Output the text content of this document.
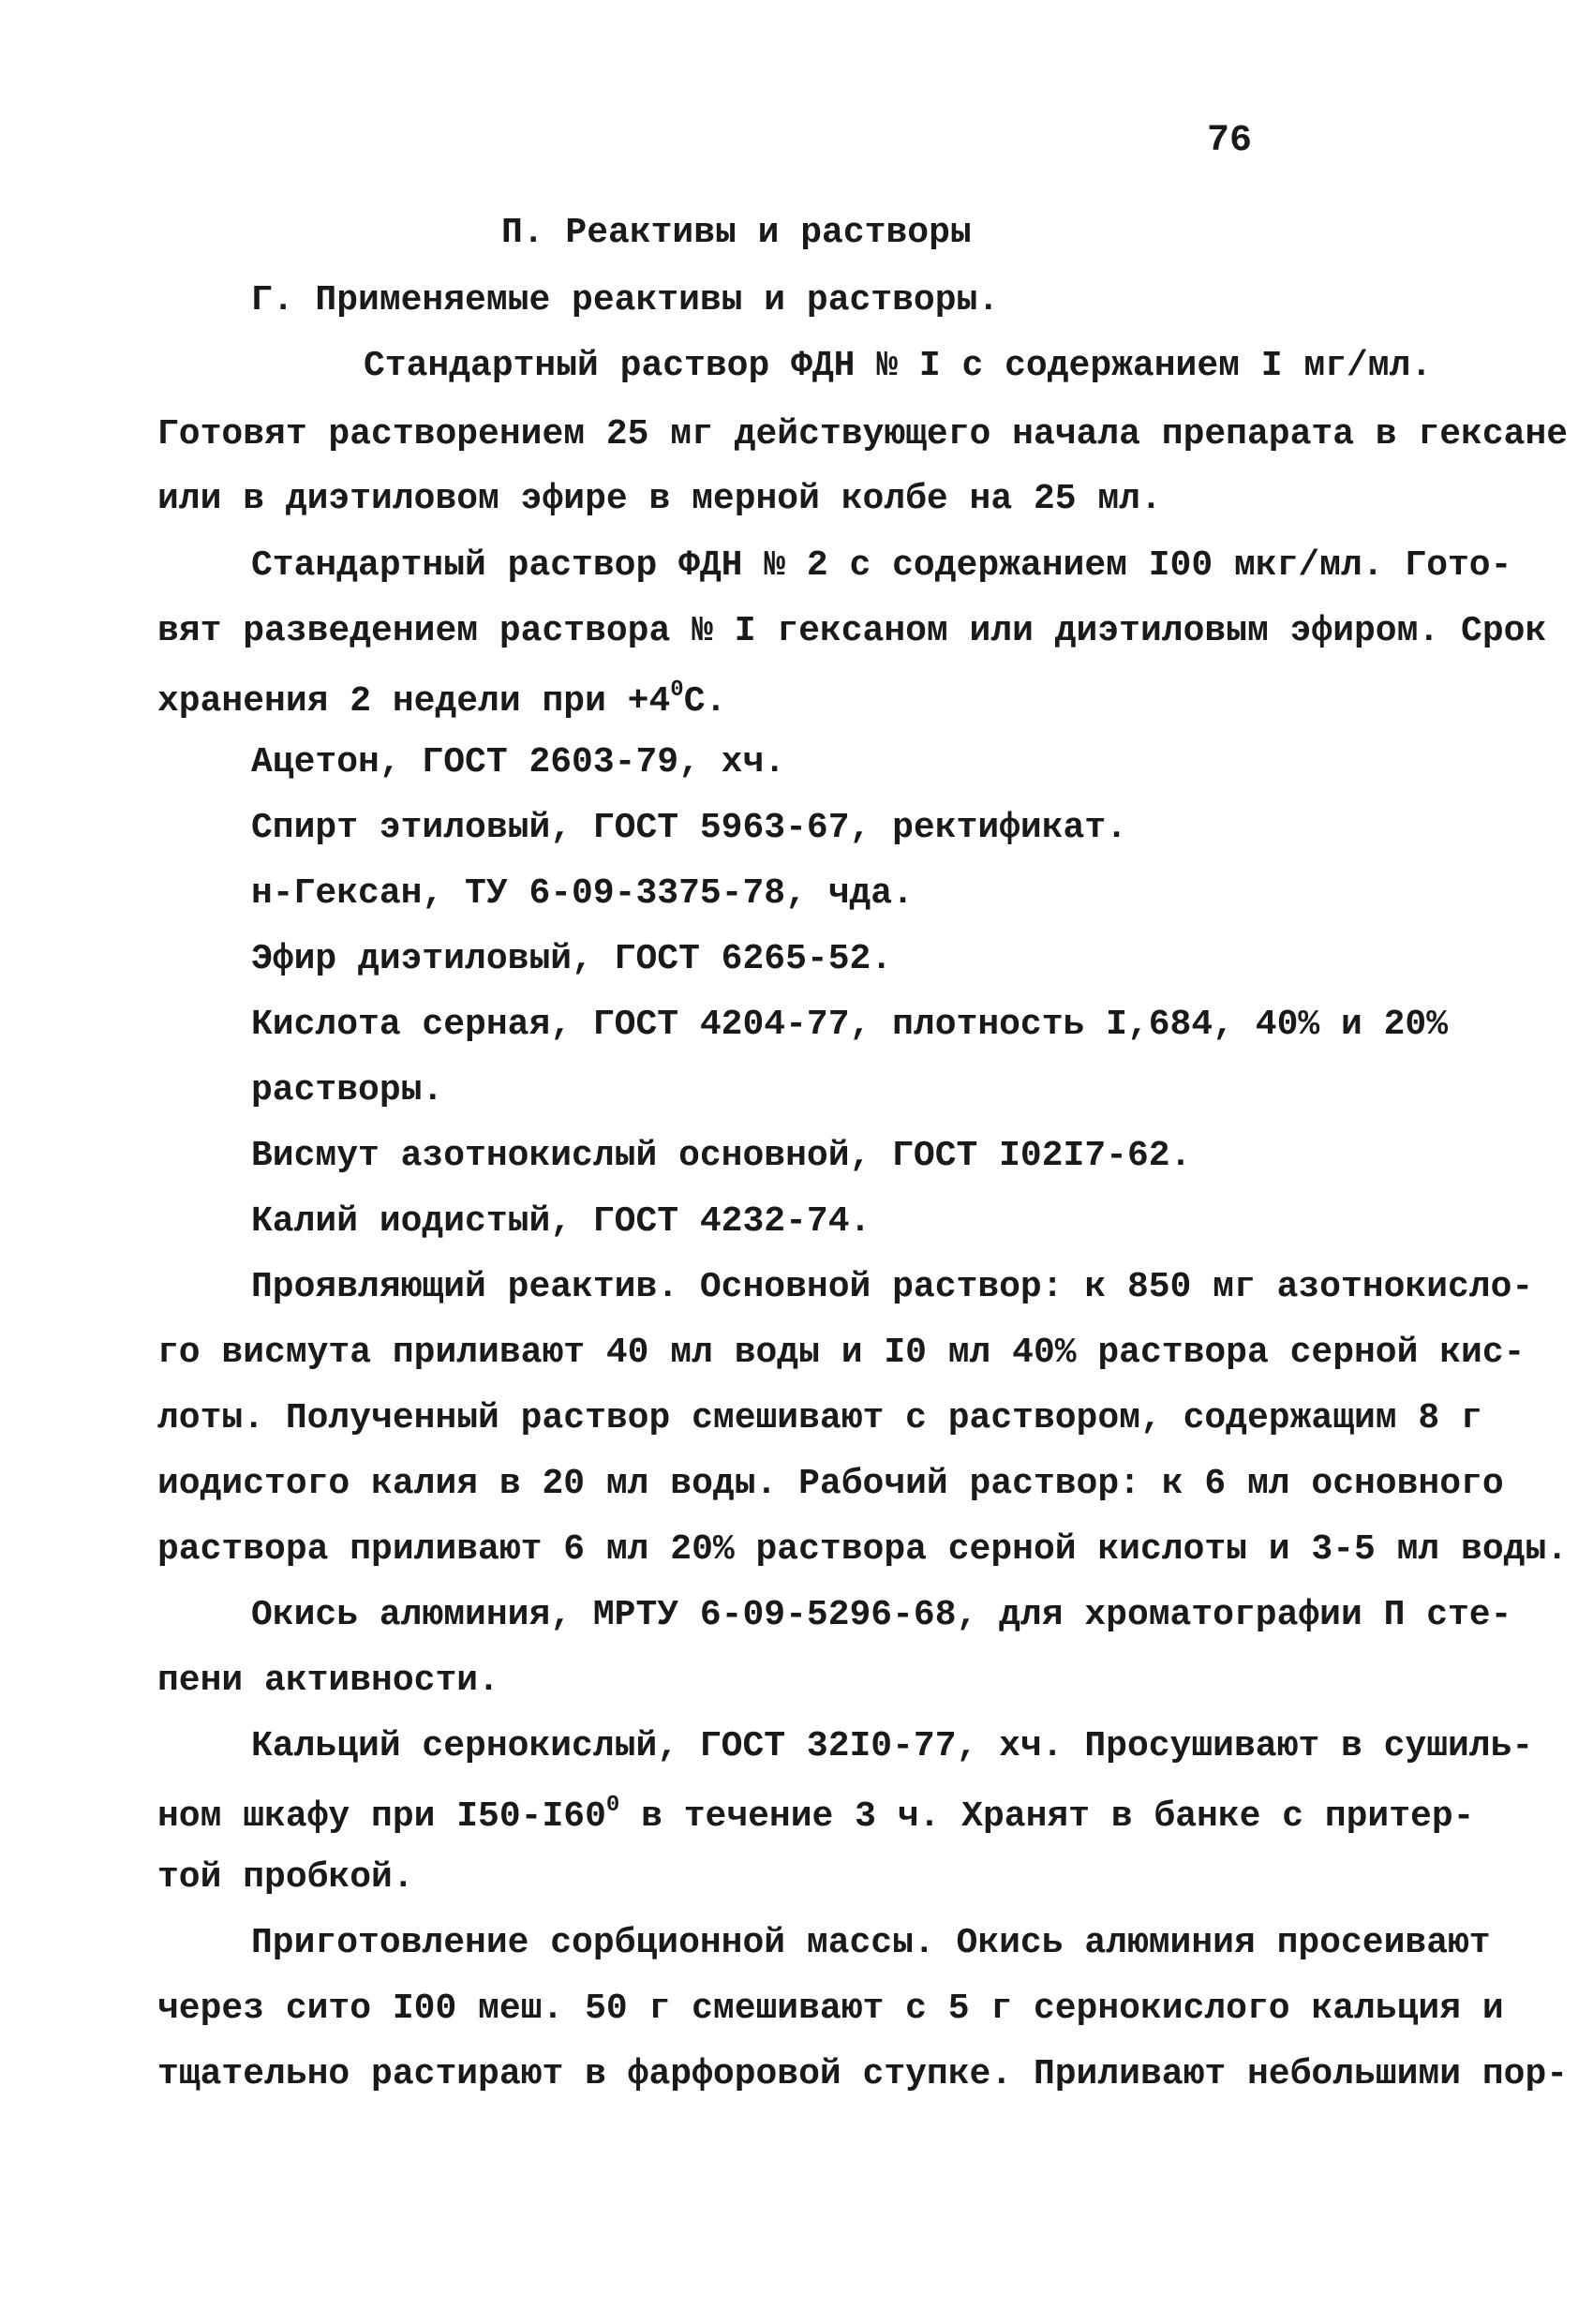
76
П. Реактивы и растворы
Г. Применяемые реактивы и растворы.
Стандартный раствор ФДН № I с содержанием I мг/мл.
Готовят растворением 25 мг действующего начала препарата в гексане
или в диэтиловом эфире в мерной колбе на 25 мл.
Стандартный раствор ФДН № 2 с содержанием I00 мкг/мл. Гото-
вят разведением раствора № I гексаном или диэтиловым эфиром. Срок
хранения 2 недели при $+4^0С$.
Ацетон, ГОСТ 2603-79, хч.
Спирт этиловый, ГОСТ 5963-67, ректификат.
н-Гексан, ТУ 6-09-3375-78, чда.
Эфир диэтиловый, ГОСТ 6265-52.
Кислота серная, ГОСТ 4204-77, плотность I,684, 40% и 20%
растворы.
Висмут азотнокислый основной, ГОСТ I02I7-62.
Калий иодистый, ГОСТ 4232-74.
Проявляющий реактив. Основной раствор: к 850 мг азотнокисло-
го висмута приливают 40 мл воды и I0 мл 40% раствора серной кис-
лоты. Полученный раствор смешивают с раствором, содержащим 8 г
иодистого калия в 20 мл воды. Рабочий раствор: к 6 мл основного
раствора приливают 6 мл 20% раствора серной кислоты и 3-5 мл воды.
Окись алюминия, МРТУ 6-09-5296-68, для хроматографии П сте-
пени активности.
Кальций сернокислый, ГОСТ 32I0-77, хч. Просушивают в сушиль-
ном шкафу при $I50-I60^0$ в течение 3 ч. Хранят в банке с притер-
той пробкой.
Приготовление сорбционной массы. Окись алюминия просеивают
через сито I00 меш. 50 г смешивают с 5 г сернокислого кальция и
тщательно растирают в фарфоровой ступке. Приливают небольшими пор-
